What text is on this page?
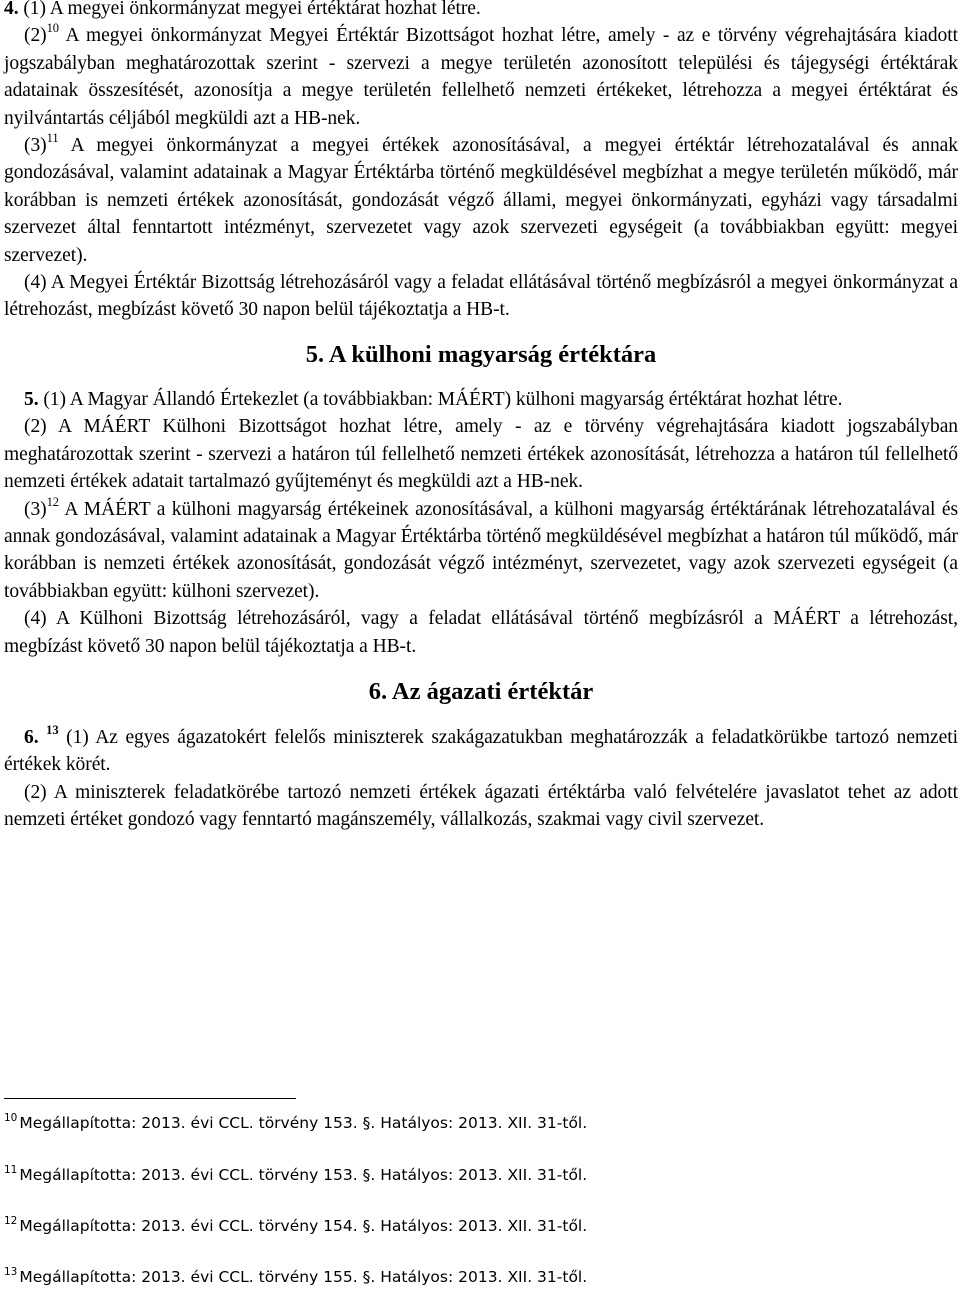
4. (1) A megyei önkormányzat megyei értéktárat hozhat létre.

$(2)^{10}$ A megyei önkormányzat Megyei Értéktár Bizottságot hozhat létre, amely - az e törvény végrehajtására kiadott jogszabályban meghatározottak szerint - szervezi a megye területén azonosított települési és tájegységi értéktárak adatainak összesítését, azonosítja a megye területén fellelhető nemzeti értékeket, létrehozza a megyei értéktárat és nyilvántartás céljából megküldi azt a HB-nek.

$(3)^{11}$ A megyei önkormányzat a megyei értékek azonosításával, a megyei értéktár létrehozatalával és annak gondozásával, valamint adatainak a Magyar Értéktárba történő megküldésével megbízhat a megye területén működő, már korábban is nemzeti értékek azonosítását, gondozását végző állami, megyei önkormányzati, egyházi vagy társadalmi szervezet által fenntartott intézményt, szervezetet vagy azok szervezeti egységeit (a továbbiakban együtt: megyei szervezet).

(4) A Megyei Értéktár Bizottság létrehozásáról vagy a feladat ellátásával történő megbízásról a megyei önkormányzat a létrehozást, megbízást követő 30 napon belül tájékoztatja a HB-t.

5. A külhoni magyarság értéktára

5. (1) A Magyar Állandó Értekezlet (a továbbiakban: MÁÉRT) külhoni magyarság értéktárat hozhat létre.

(2) A MÁÉRT Külhoni Bizottságot hozhat létre, amely - az e törvény végrehajtására kiadott jogszabályban meghatározottak szerint - szervezi a határon túl fellelhető nemzeti értékek azonosítását, létrehozza a határon túl fellelhető nemzeti értékek adatait tartalmazó gyűjteményt és megküldi azt a HB-nek.

$(3)^{12}$ A MÁÉRT a külhoni magyarság értékeinek azonosításával, a külhoni magyarság értéktárának létrehozatalával és annak gondozásával, valamint adatainak a Magyar Értéktárba történő megküldésével megbízhat a határon túl működő, már korábban is nemzeti értékek azonosítását, gondozását végző intézményt, szervezetet, vagy azok szervezeti egységeit (a továbbiakban együtt: külhoni szervezet).

(4) A Külhoni Bizottság létrehozásáról, vagy a feladat ellátásával történő megbízásról a MÁÉRT a létrehozást, megbízást követő 30 napon belül tájékoztatja a HB-t.

6. Az ágazati értéktár

6. $^{13}$ (1) Az egyes ágazatokért felelős miniszterek szakágazatukban meghatározzák a feladatkörükbe tartozó nemzeti értékek körét.

(2) A miniszterek feladatkörébe tartozó nemzeti értékek ágazati értéktárba való felvételére javaslatot tehet az adott nemzeti értéket gondozó vagy fenntartó magánszemély, vállalkozás, szakmai vagy civil szervezet.

$^{10}$ Megállapította: 2013. évi CCL. törvény 153. §. Hatályos: 2013. XII. 31-től.
$^{11}$ Megállapította: 2013. évi CCL. törvény 153. §. Hatályos: 2013. XII. 31-től.
$^{12}$ Megállapította: 2013. évi CCL. törvény 154. §. Hatályos: 2013. XII. 31-től.
$^{13}$ Megállapította: 2013. évi CCL. törvény 155. §. Hatályos: 2013. XII. 31-től.
